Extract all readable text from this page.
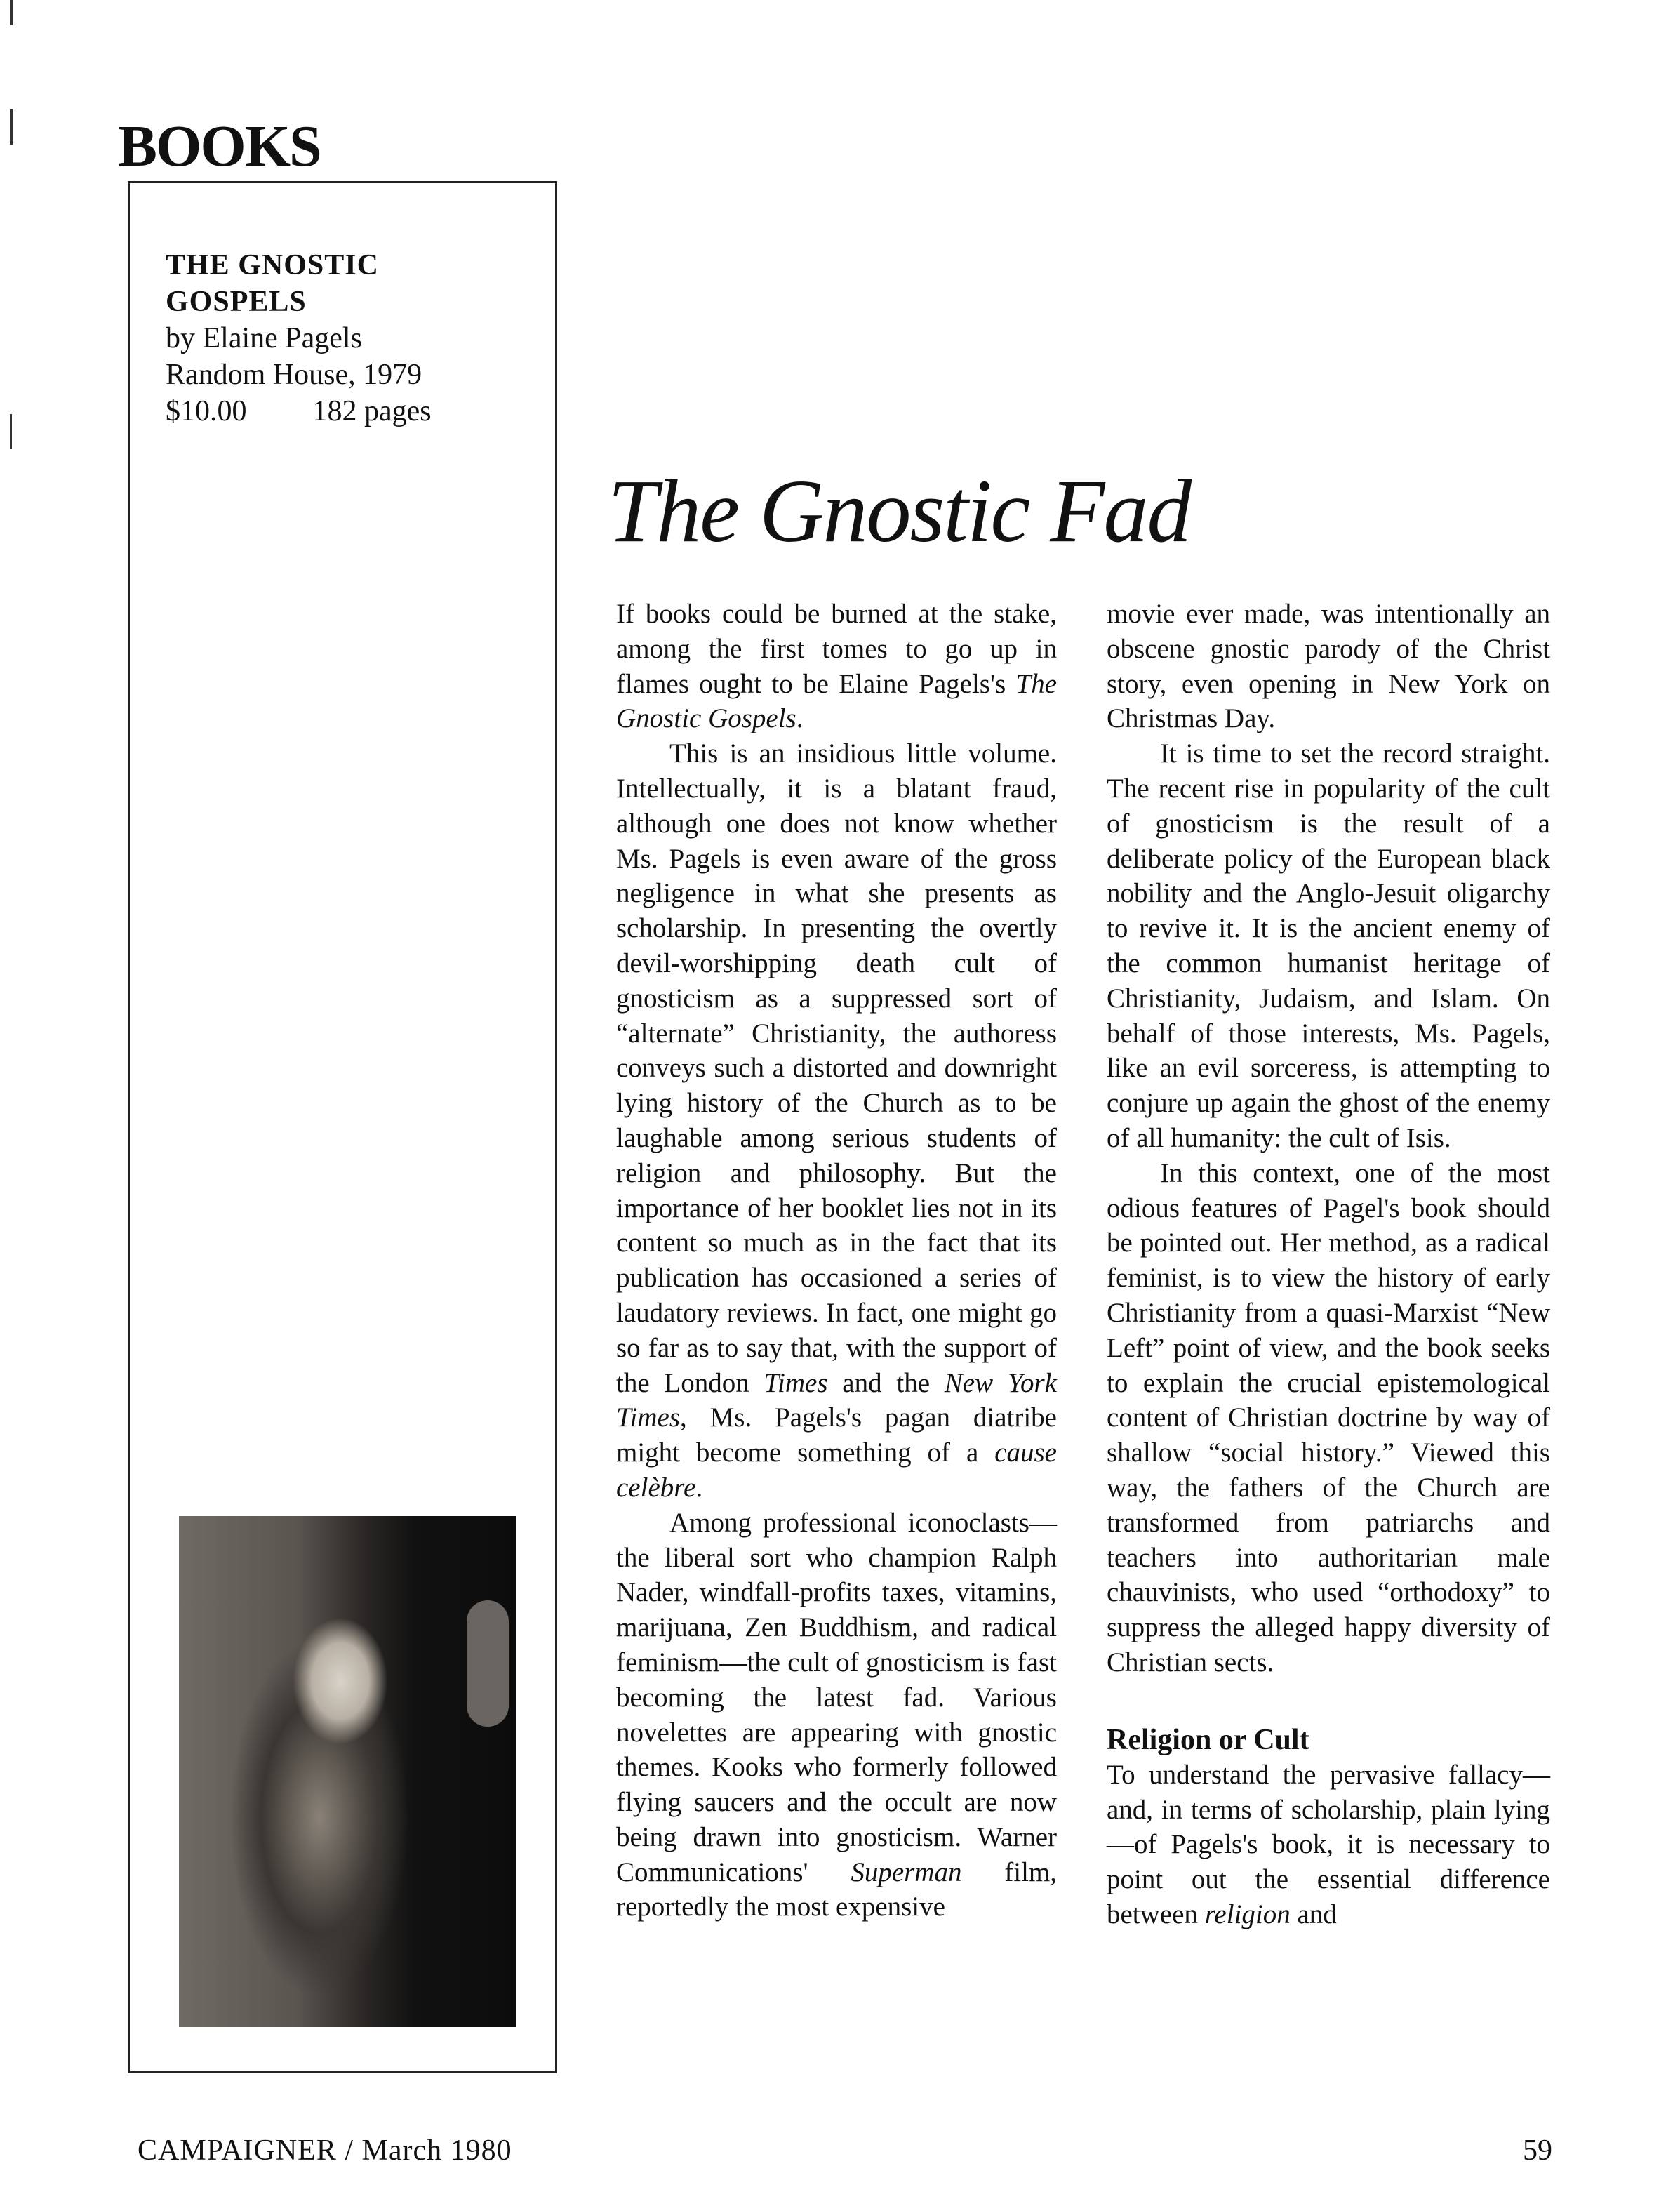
BOOKS
THE GNOSTIC
GOSPELS
by Elaine Pagels
Random House, 1979
$10.00 182 pages
The Gnostic Fad

If books could be burned at the stake, among the first tomes to go up in flames ought to be Elaine Pagels's The Gnostic Gospels.

This is an insidious little volume. Intellectually, it is a blatant fraud, although one does not know whether Ms. Pagels is even aware of the gross negligence in what she presents as scholarship. In presenting the overtly devil-worshipping death cult of gnosticism as a suppressed sort of “alternate” Christianity, the authoress conveys such a distorted and downright lying history of the Church as to be laughable among serious students of religion and philosophy. But the importance of her booklet lies not in its content so much as in the fact that its publication has occasioned a series of laudatory reviews. In fact, one might go so far as to say that, with the support of the London Times and the New York Times, Ms. Pagels's pagan diatribe might become something of a cause celèbre.

Among professional iconoclasts—the liberal sort who champion Ralph Nader, windfall-profits taxes, vitamins, marijuana, Zen Buddhism, and radical feminism—the cult of gnosticism is fast becoming the latest fad. Various novelettes are appearing with gnostic themes. Kooks who formerly followed flying saucers and the occult are now being drawn into gnosticism. Warner Communications' Superman film, reportedly the most expensive

movie ever made, was intentionally an obscene gnostic parody of the Christ story, even opening in New York on Christmas Day.

It is time to set the record straight. The recent rise in popularity of the cult of gnosticism is the result of a deliberate policy of the European black nobility and the Anglo-Jesuit oligarchy to revive it. It is the ancient enemy of the common humanist heritage of Christianity, Judaism, and Islam. On behalf of those interests, Ms. Pagels, like an evil sorceress, is attempting to conjure up again the ghost of the enemy of all humanity: the cult of Isis.

In this context, one of the most odious features of Pagel's book should be pointed out. Her method, as a radical feminist, is to view the history of early Christianity from a quasi-Marxist “New Left” point of view, and the book seeks to explain the crucial epistemological content of Christian doctrine by way of shallow “social history.” Viewed this way, the fathers of the Church are transformed from patriarchs and teachers into authoritarian male chauvinists, who used “orthodoxy” to suppress the alleged happy diversity of Christian sects.

Religion or Cult

To understand the pervasive fallacy—and, in terms of scholarship, plain lying—of Pagels's book, it is necessary to point out the essential difference between religion and

CAMPAIGNER / March 1980	59
